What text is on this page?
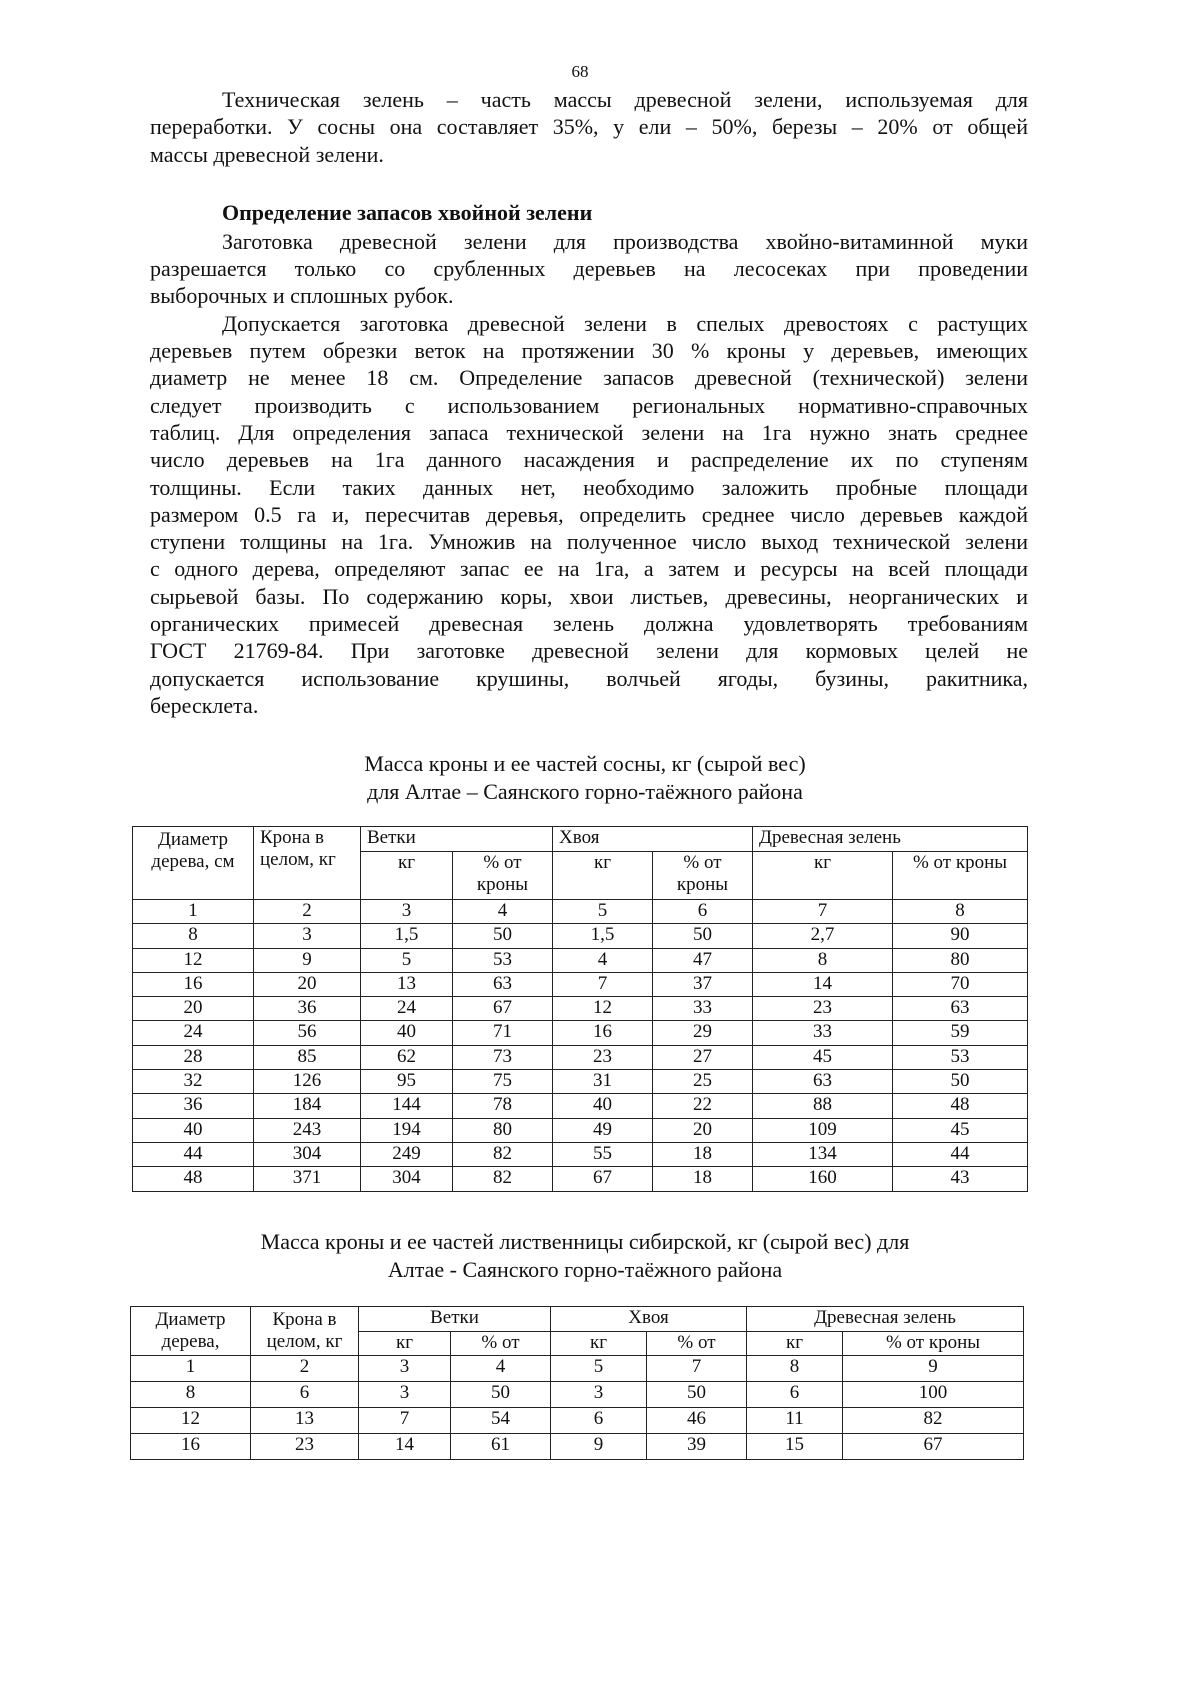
68
Техническая зелень – часть массы древесной зелени, используемая для
переработки. У сосны она составляет 35%, у ели – 50%, березы – 20% от общей
массы древесной зелени.
Определение запасов хвойной зелени
Заготовка древесной зелени для производства хвойно-витаминной муки
разрешается только со срубленных деревьев на лесосеках при проведении
выборочных и сплошных рубок.
Допускается заготовка древесной зелени в спелых древостоях с растущих
деревьев путем обрезки веток на протяжении 30 % кроны у деревьев, имеющих
диаметр не менее 18 см. Определение запасов древесной (технической) зелени
следует производить с использованием региональных нормативно-справочных
таблиц. Для определения запаса технической зелени на 1га нужно знать среднее
число деревьев на 1га данного насаждения и распределение их по ступеням
толщины. Если таких данных нет, необходимо заложить пробные площади
размером 0.5 га и, пересчитав деревья, определить среднее число деревьев каждой
ступени толщины на 1га. Умножив на полученное число выход технической зелени
с одного дерева, определяют запас ее на 1га, а затем и ресурсы на всей площади
сырьевой базы. По содержанию коры, хвои листьев, древесины, неорганических и
органических примесей древесная зелень должна удовлетворять требованиям
ГОСТ 21769-84. При заготовке древесной зелени для кормовых целей не
допускается использование крушины, волчьей ягоды, бузины, ракитника,
бересклета.
Масса кроны и ее частей сосны, кг (сырой вес)
для Алтае – Саянского горно-таёжного района
Диаметр дерева, см	Крона в целом, кг	Ветки		Хвоя		Древесная зелень	
		кг	% от кроны	кг	% от кроны	кг	% от кроны
1	2	3	4	5	6	7	8
8	3	1,5	50	1,5	50	2,7	90
12	9	5	53	4	47	8	80
16	20	13	63	7	37	14	70
20	36	24	67	12	33	23	63
24	56	40	71	16	29	33	59
28	85	62	73	23	27	45	53
32	126	95	75	31	25	63	50
36	184	144	78	40	22	88	48
40	243	194	80	49	20	109	45
44	304	249	82	55	18	134	44
48	371	304	82	67	18	160	43
Масса кроны и ее частей лиственницы сибирской, кг (сырой вес) для
Алтае - Саянского горно-таёжного района
Диаметр дерева,	Крона в целом, кг	Ветки		Хвоя		Древесная зелень	
		кг	% от	кг	% от	кг	% от кроны
1	2	3	4	5	7	8	9
8	6	3	50	3	50	6	100
12	13	7	54	6	46	11	82
16	23	14	61	9	39	15	67
